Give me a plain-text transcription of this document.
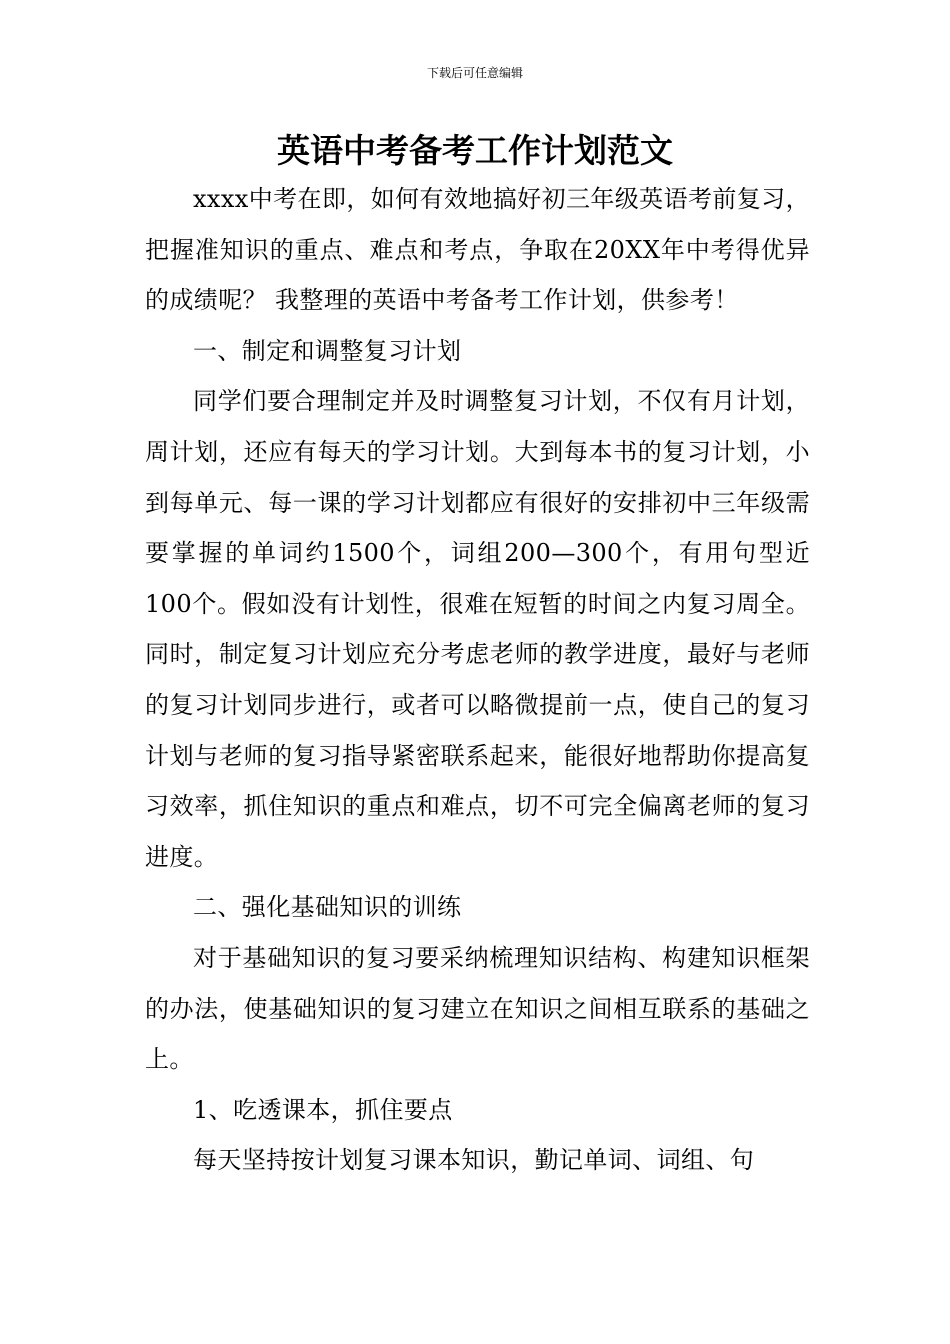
下载后可任意编辑
英语中考备考工作计划范文

xxxx中考在即，如何有效地搞好初三年级英语考前复习，把握准知识的重点、难点和考点，争取在20XX年中考得优异的成绩呢？ 我整理的英语中考备考工作计划，供参考！

一、制定和调整复习计划

同学们要合理制定并及时调整复习计划，不仅有月计划，周计划，还应有每天的学习计划。大到每本书的复习计划，小到每单元、每一课的学习计划都应有很好的安排初中三年级需要掌握的单词约1500个，词组200—300个，有用句型近100个。假如没有计划性，很难在短暂的时间之内复习周全。同时，制定复习计划应充分考虑老师的教学进度，最好与老师的复习计划同步进行，或者可以略微提前一点，使自己的复习计划与老师的复习指导紧密联系起来，能很好地帮助你提高复习效率，抓住知识的重点和难点，切不可完全偏离老师的复习进度。

二、强化基础知识的训练

对于基础知识的复习要采纳梳理知识结构、构建知识框架的办法，使基础知识的复习建立在知识之间相互联系的基础之上。

1、吃透课本，抓住要点

每天坚持按计划复习课本知识，勤记单词、词组、句
